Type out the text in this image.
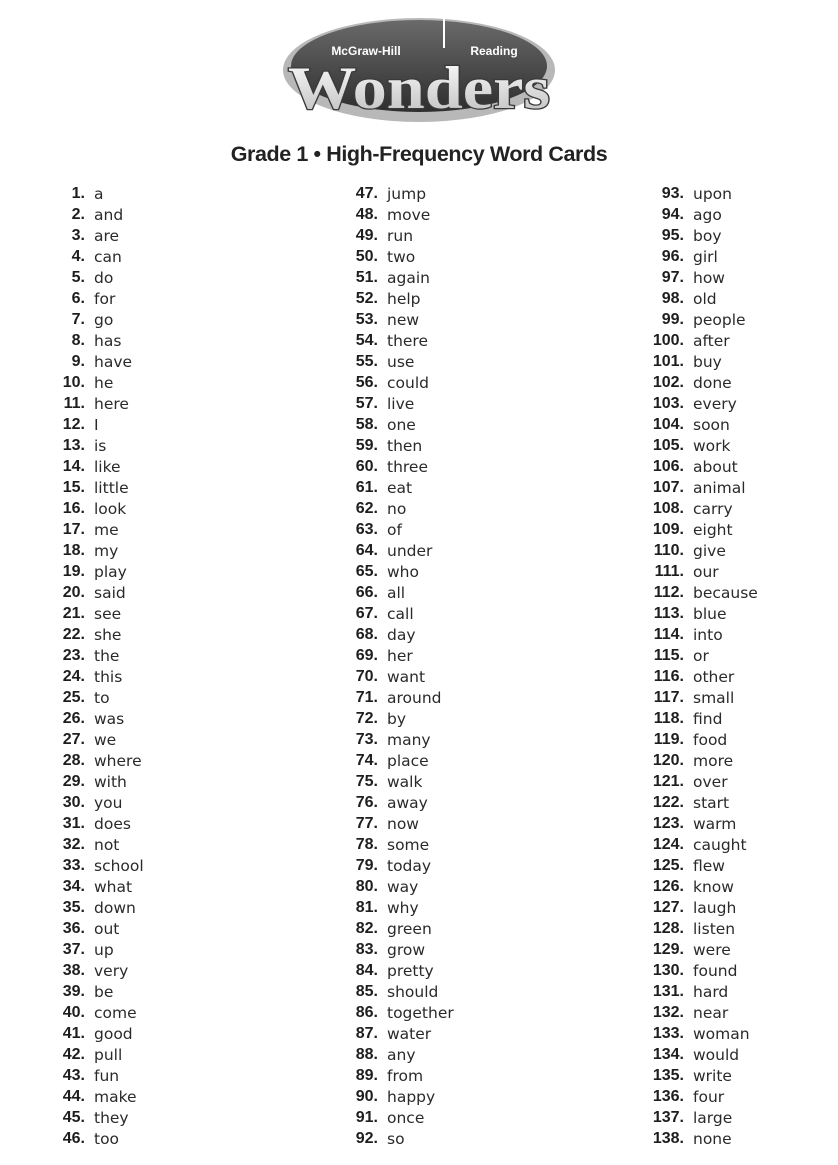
McGraw-Hill	Reading
Wonders
Grade 1 • High-Frequency Word Cards
1. a
2. and
3. are
4. can
5. do
6. for
7. go
8. has
9. have
10. he
11. here
12. I
13. is
14. like
15. little
16. look
17. me
18. my
19. play
20. said
21. see
22. she
23. the
24. this
25. to
26. was
27. we
28. where
29. with
30. you
31. does
32. not
33. school
34. what
35. down
36. out
37. up
38. very
39. be
40. come
41. good
42. pull
43. fun
44. make
45. they
46. too
47. jump
48. move
49. run
50. two
51. again
52. help
53. new
54. there
55. use
56. could
57. live
58. one
59. then
60. three
61. eat
62. no
63. of
64. under
65. who
66. all
67. call
68. day
69. her
70. want
71. around
72. by
73. many
74. place
75. walk
76. away
77. now
78. some
79. today
80. way
81. why
82. green
83. grow
84. pretty
85. should
86. together
87. water
88. any
89. from
90. happy
91. once
92. so
93. upon
94. ago
95. boy
96. girl
97. how
98. old
99. people
100. after
101. buy
102. done
103. every
104. soon
105. work
106. about
107. animal
108. carry
109. eight
110. give
111. our
112. because
113. blue
114. into
115. or
116. other
117. small
118. find
119. food
120. more
121. over
122. start
123. warm
124. caught
125. flew
126. know
127. laugh
128. listen
129. were
130. found
131. hard
132. near
133. woman
134. would
135. write
136. four
137. large
138. none
